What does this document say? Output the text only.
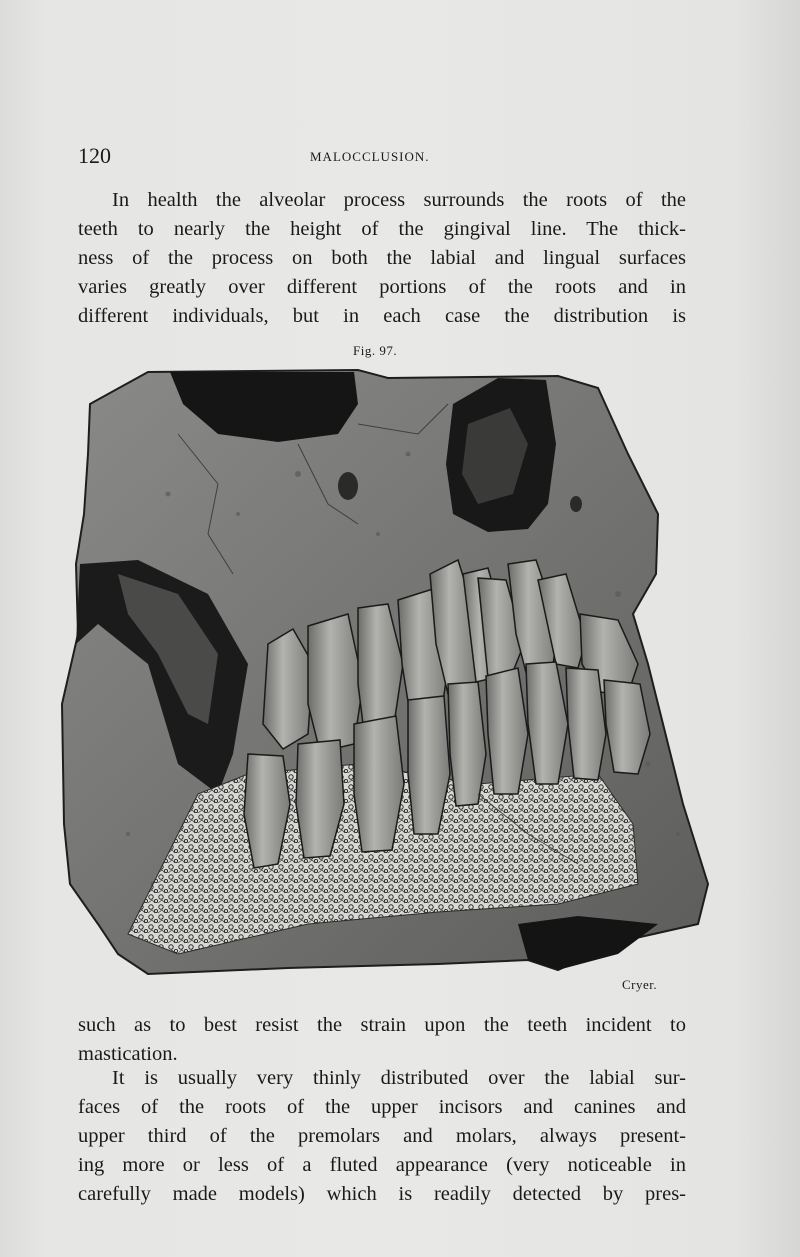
120	MALOCCLUSION.

In health the alveolar process surrounds the roots of the
teeth to nearly the height of the gingival line. The thick-
ness of the process on both the labial and lingual surfaces
varies greatly over different portions of the roots and in
different individuals, but in each case the distribution is

Fig. 97.
Cryer.

such as to best resist the strain upon the teeth incident to
mastication.

It is usually very thinly distributed over the labial sur-
faces of the roots of the upper incisors and canines and
upper third of the premolars and molars, always present-
ing more or less of a fluted appearance (very noticeable in
carefully made models) which is readily detected by pres-
